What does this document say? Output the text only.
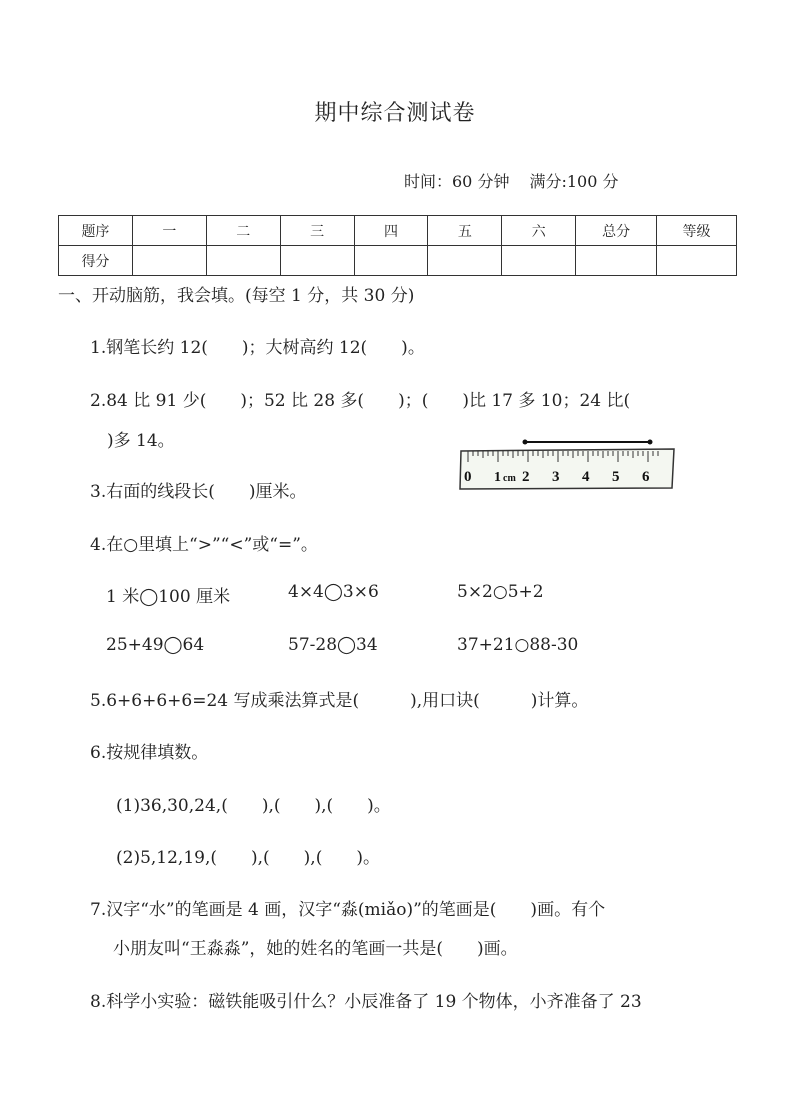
期中综合测试卷
时间：60 分钟 满分:100 分
题序	一	二	三	四	五	六	总分	等级
得分								
一、开动脑筋，我会填。(每空 1 分，共 30 分)
1.钢笔长约 12(　　)；大树高约 12(　　)。
2.84 比 91 少(　　)；52 比 28 多(　　)；(　　)比 17 多 10；24 比(
　)多 14。
3.右面的线段长(　　)厘米。
0 1 cm 2 3 4 5 6
4.在○里填上“>”“<”或“=”。
1 米◯100 厘米	4×4◯3×6	5×2○5+2
25+49◯64	57-28◯34	37+21○88-30
5.6+6+6+6=24 写成乘法算式是(　　　),用口诀(　　　)计算。
6.按规律填数。
(1)36,30,24,(　　),(　　),(　　)。
(2)5,12,19,(　　),(　　),(　　)。
7.汉字“水”的笔画是 4 画，汉字“淼(miǎo)”的笔画是(　　)画。有个
小朋友叫“王淼淼”，她的姓名的笔画一共是(　　)画。
8.科学小实验：磁铁能吸引什么？小辰准备了 19 个物体，小齐准备了 23
